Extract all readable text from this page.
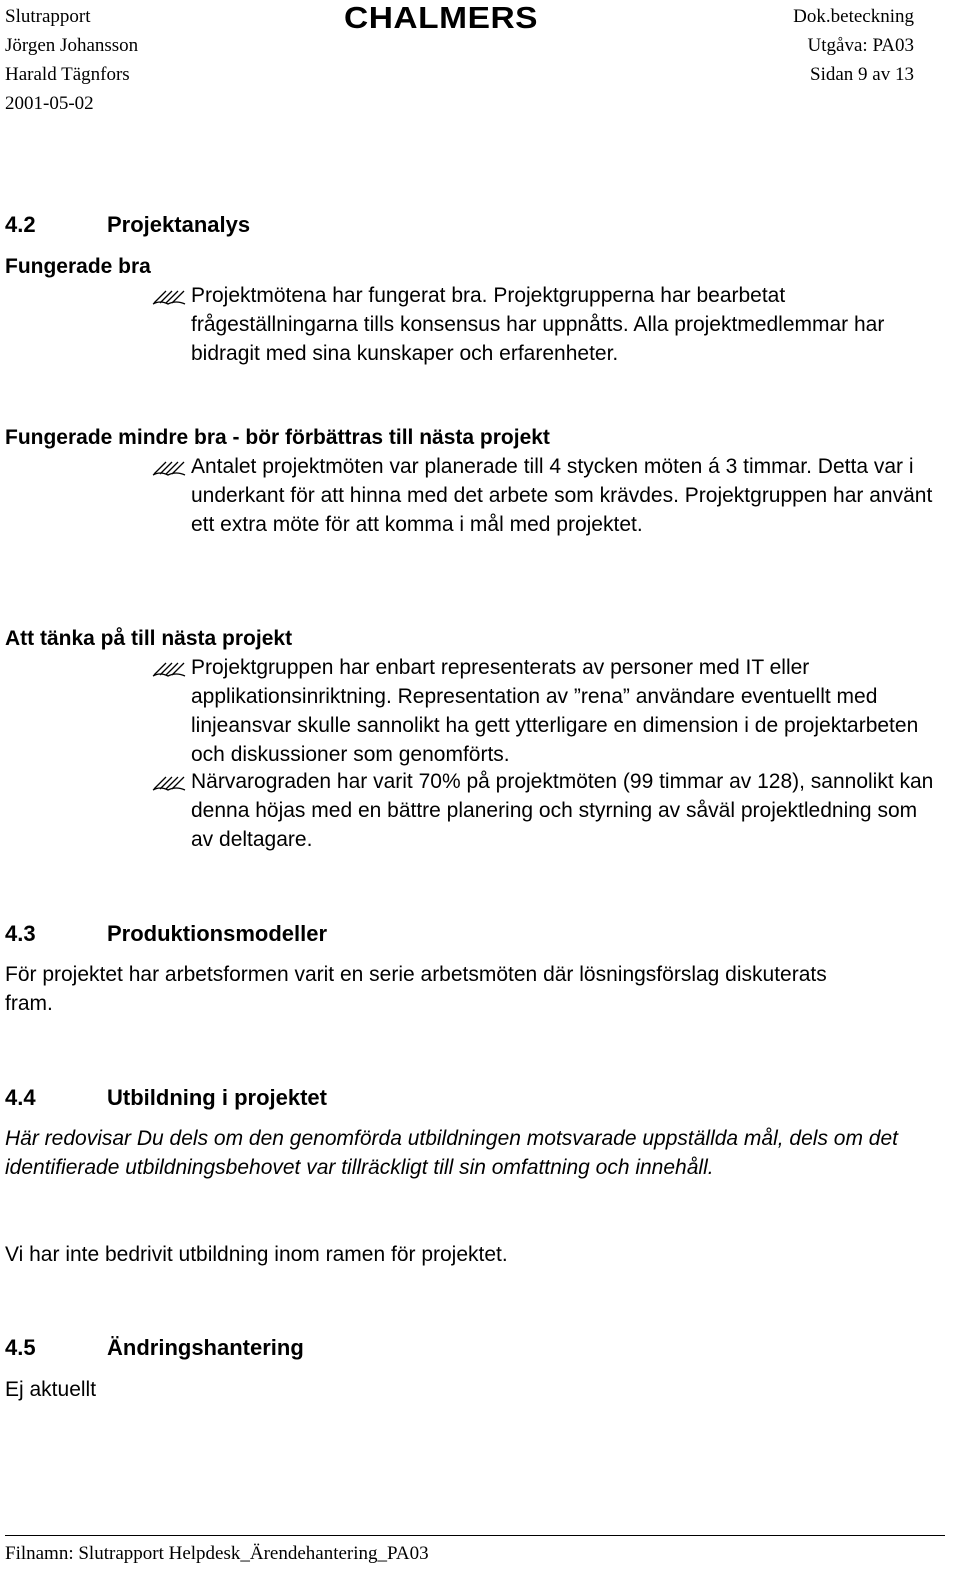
Slutrapport
Jörgen Johansson
Harald Tägnfors
2001-05-02
CHALMERS	Dok.beteckning
Utgåva: PA03
Sidan 9 av 13
4.2	Projektanalys
Fungerade bra
Projektmötena har fungerat bra. Projektgrupperna har bearbetat frågeställningarna tills konsensus har uppnåtts. Alla projektmedlemmar har bidragit med sina kunskaper och erfarenheter.
Fungerade mindre bra - bör förbättras till nästa projekt
Antalet projektmöten var planerade till 4 stycken möten á 3 timmar. Detta var i underkant för att hinna med det arbete som krävdes. Projektgruppen har använt ett extra möte för att komma i mål med projektet.
Att tänka på till nästa projekt
Projektgruppen har enbart representerats av personer med IT eller applikationsinriktning. Representation av ”rena” användare eventuellt med linjeansvar skulle sannolikt ha gett ytterligare en dimension i de projektarbeten och diskussioner som genomförts.
Närvarograden har varit 70% på projektmöten (99 timmar av 128), sannolikt kan denna höjas med en bättre planering och styrning av såväl projektledning som av deltagare.
4.3	Produktionsmodeller
För projektet har arbetsformen varit en serie arbetsmöten där lösningsförslag diskuterats fram.
4.4	Utbildning i projektet
Här redovisar Du dels om den genomförda utbildningen motsvarade uppställda mål, dels om det identifierade utbildningsbehovet var tillräckligt till sin omfattning och innehåll.
Vi har inte bedrivit utbildning inom ramen för projektet.
4.5	Ändringshantering
Ej aktuellt
Filnamn: Slutrapport Helpdesk_Ärendehantering_PA03
